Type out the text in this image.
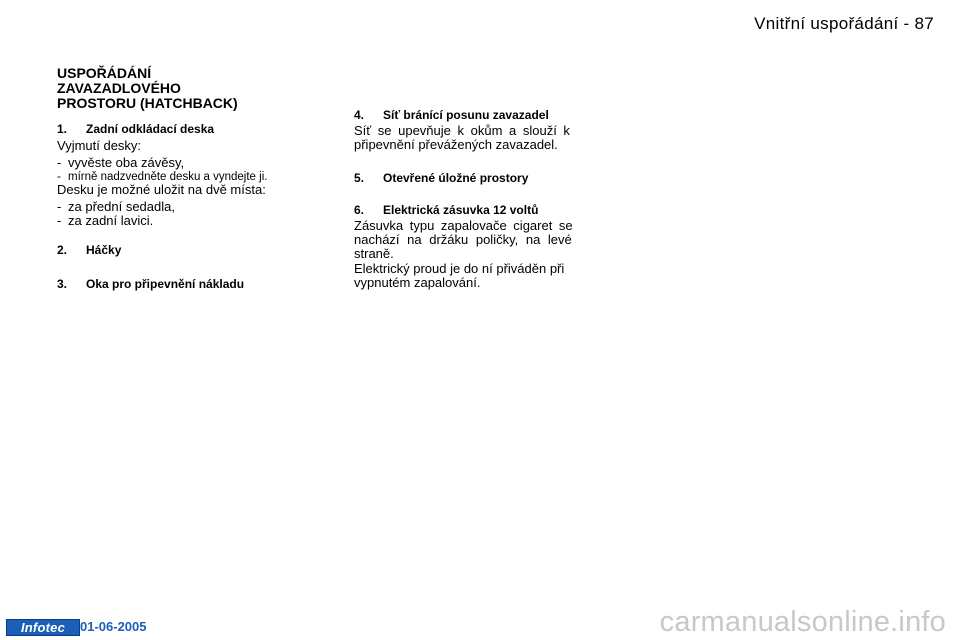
Vnitřní uspořádání - 87
USPOŘÁDÁNÍ
ZAVAZADLOVÉHO
PROSTORU (HATCHBACK)
1. Zadní odkládací deska
Vyjmutí desky:
- vyvěste oba závěsy,
- mírně nadzvedněte desku a vyndejte ji.
Desku je možné uložit na dvě místa:
- za přední sedadla,
- za zadní lavici.
2. Háčky
3. Oka pro připevnění nákladu
4. Síť bránící posunu zavazadel
Síť se upevňuje k okům a slouží k
připevnění převážených zavazadel.
5. Otevřené úložné prostory
6. Elektrická zásuvka 12 voltů
Zásuvka typu zapalovače cigaret se
nachází na držáku poličky, na levé
straně.
Elektrický proud je do ní přiváděn při
vypnutém zapalování.
Infotec	01-06-2005	carmanualsonline.info
